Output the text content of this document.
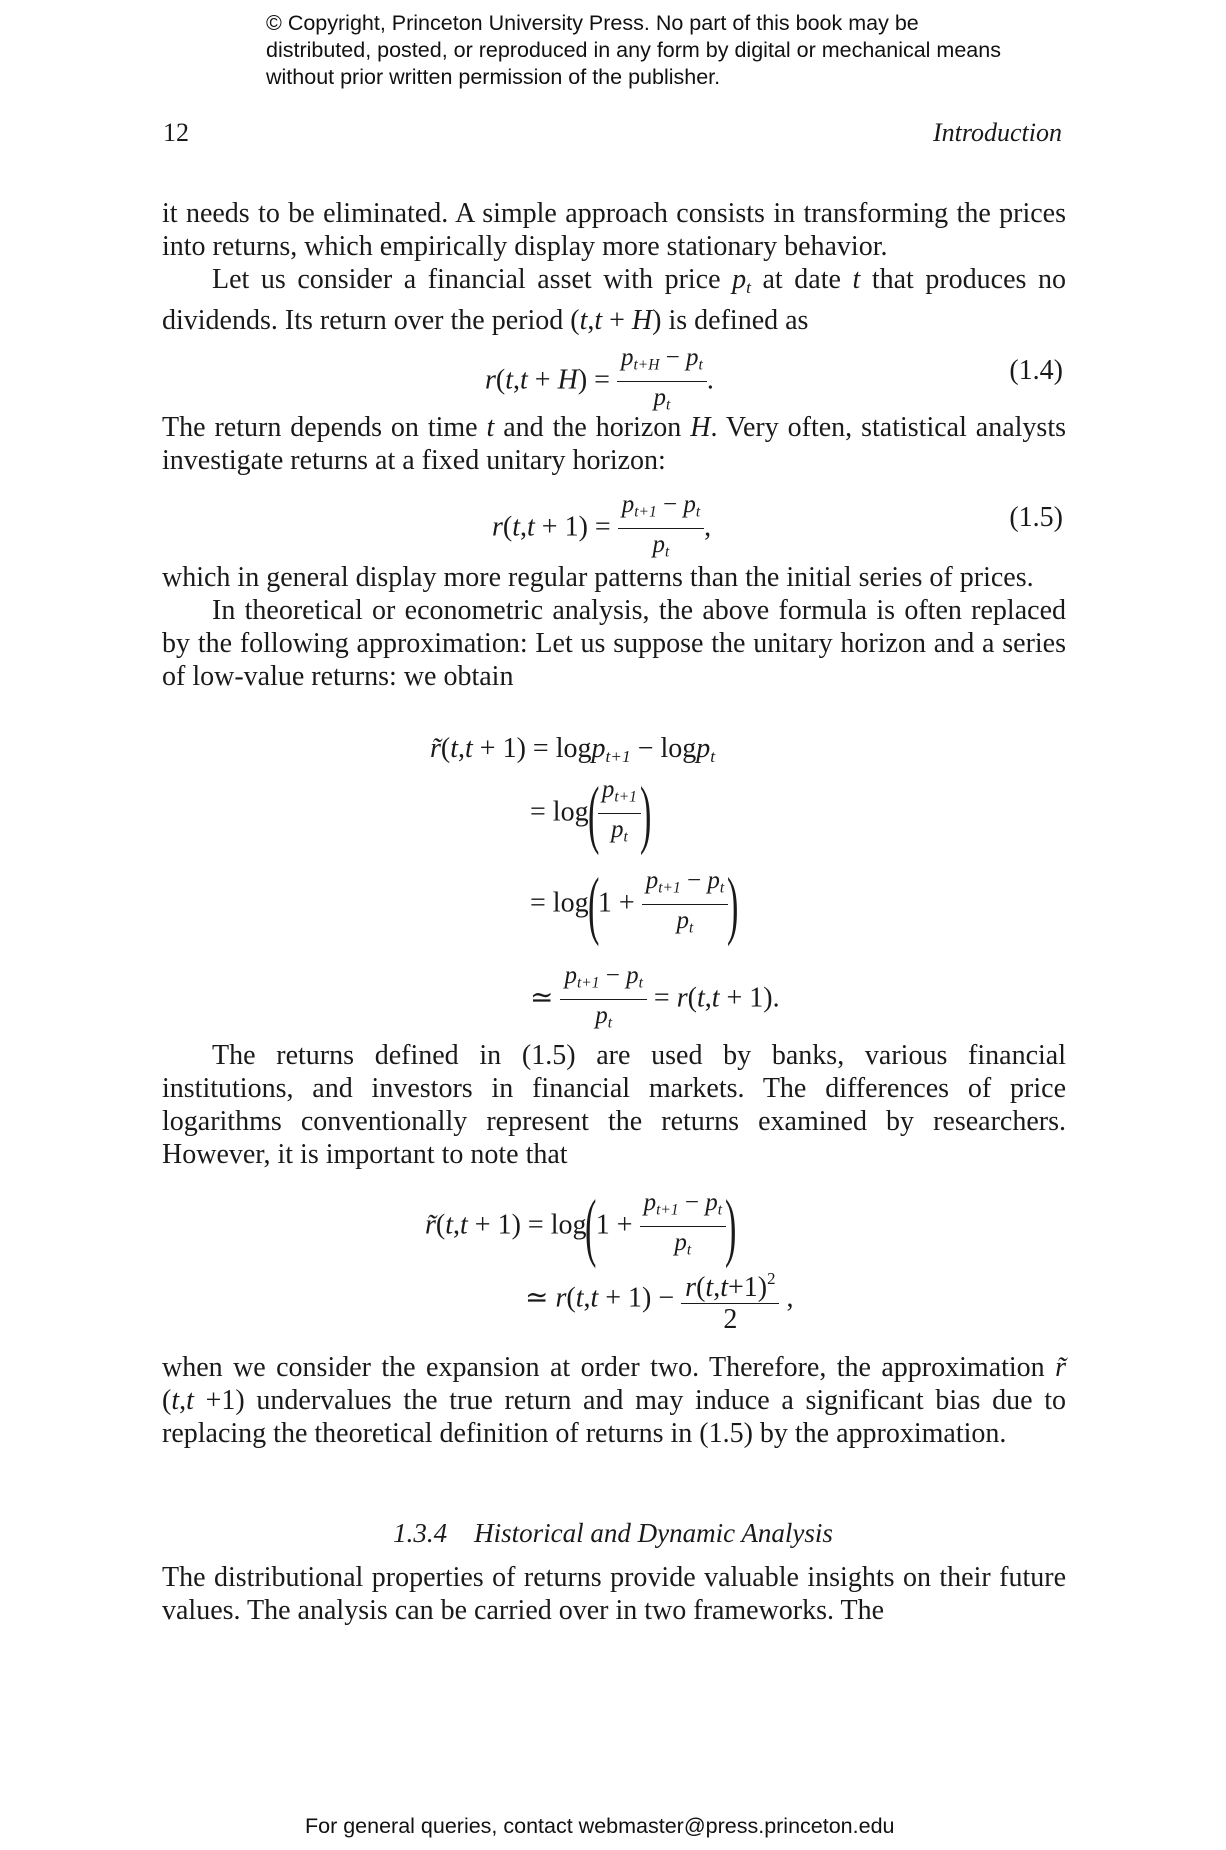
© Copyright, Princeton University Press. No part of this book may be distributed, posted, or reproduced in any form by digital or mechanical means without prior written permission of the publisher.
12	Introduction

it needs to be eliminated. A simple approach consists in transforming the prices into returns, which empirically display more stationary behavior.

Let us consider a financial asset with price $p_t$ at date t that produces no dividends. Its return over the period (t,t + H) is defined as

$r(t,t + H) = \frac{p_{t+H} - p_t}{p_t}$ .	(1.4)

The return depends on time t and the horizon H. Very often, statistical analysts investigate returns at a fixed unitary horizon:

$r(t,t + 1) = \frac{p_{t+1} - p_t}{p_t}$ ,	(1.5)

which in general display more regular patterns than the initial series of prices.

In theoretical or econometric analysis, the above formula is often replaced by the following approximation: Let us suppose the unitary horizon and a series of low-value returns: we obtain

r̃(t,t + 1) = logp$_{t+1}$ − logp$_t$
= log(
$\frac{p_{t+1}}{p_t}$
)
= $\log(1 + \frac{p_{t+1} - p_t}{p_t}$
)
≃ $\frac{p_{t+1} - p_t}{p_t} = r(t,t + 1)$.

The returns defined in (1.5) are used by banks, various financial institutions, and investors in financial markets. The differences of price logarithms conventionally represent the returns examined by researchers. However, it is important to note that

r̃(t,t + $1) = \log(1 + \frac{p_{t+1} - p_t}{p_t}$
)
≃ $r(t,t + 1) - \frac{r(t,t+1)^2}{2}$ ,

when we consider the expansion at order two. Therefore, the approximation r̃ (t,t +1) undervalues the true return and may induce a significant bias due to replacing the theoretical definition of returns in (1.5) by the approximation.

1.3.4 Historical and Dynamic Analysis

The distributional properties of returns provide valuable insights on their future values. The analysis can be carried over in two frameworks. The

For general queries, contact webmaster@press.princeton.edu
